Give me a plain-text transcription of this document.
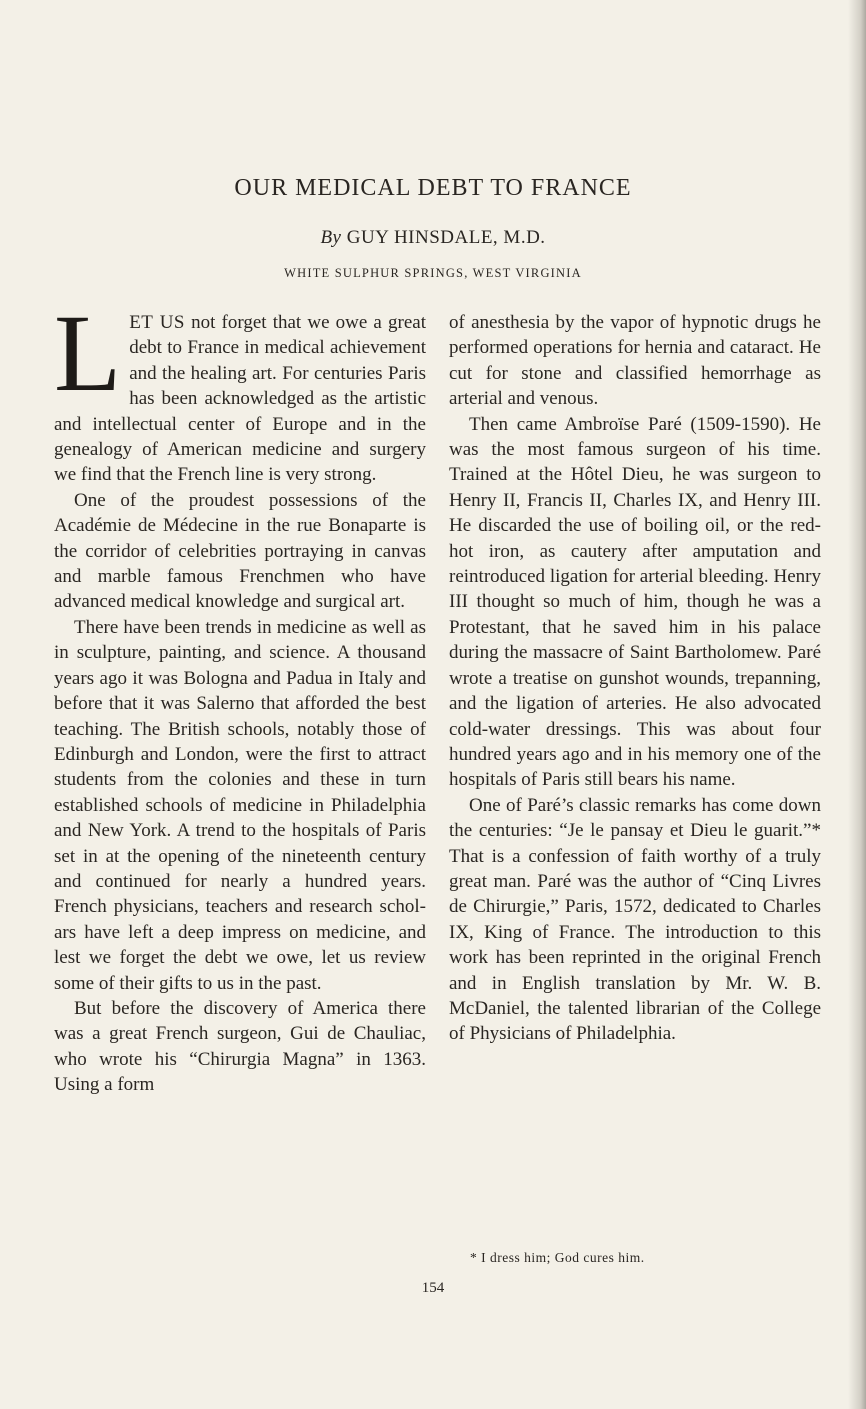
OUR MEDICAL DEBT TO FRANCE
By GUY HINSDALE, M.D.
WHITE SULPHUR SPRINGS, WEST VIRGINIA

LET US not forget that we owe a great debt to France in medical achievement and the healing art. For centuries Paris has been acknowledged as the artistic and intellectual center of Europe and in the genealogy of American medicine and surgery we find that the French line is very strong.

One of the proudest possessions of the Académie de Médecine in the rue Bonaparte is the corridor of celebrities portraying in canvas and marble famous Frenchmen who have advanced medical knowledge and surgical art.

There have been trends in medicine as well as in sculpture, painting, and science. A thousand years ago it was Bologna and Padua in Italy and before that it was Salerno that afforded the best teaching. The British schools, notably those of Edinburgh and London, were the first to attract students from the colonies and these in turn established schools of medicine in Philadelphia and New York. A trend to the hospitals of Paris set in at the opening of the nineteenth century and continued for nearly a hundred years. French physicians, teachers and research scholars have left a deep impress on medicine, and lest we forget the debt we owe, let us review some of their gifts to us in the past.

But before the discovery of America there was a great French surgeon, Gui de Chauliac, who wrote his “Chirurgia Magna” in 1363. Using a form

of anesthesia by the vapor of hypnotic drugs he performed operations for hernia and cataract. He cut for stone and classified hemorrhage as arterial and venous.

Then came Ambroïse Paré (1509-1590). He was the most famous surgeon of his time. Trained at the Hôtel Dieu, he was surgeon to Henry II, Francis II, Charles IX, and Henry III. He discarded the use of boiling oil, or the red-hot iron, as cautery after amputation and reintroduced ligation for arterial bleeding. Henry III thought so much of him, though he was a Protestant, that he saved him in his palace during the massacre of Saint Bartholomew. Paré wrote a treatise on gunshot wounds, trepanning, and the ligation of arteries. He also advocated cold-water dressings. This was about four hundred years ago and in his memory one of the hospitals of Paris still bears his name.

One of Paré’s classic remarks has come down the centuries: “Je le pansay et Dieu le guarit.”* That is a confession of faith worthy of a truly great man. Paré was the author of “Cinq Livres de Chirurgie,” Paris, 1572, dedicated to Charles IX, King of France. The introduction to this work has been reprinted in the original French and in English translation by Mr. W. B. McDaniel, the talented librarian of the College of Physicians of Philadelphia.

* I dress him; God cures him.
154
